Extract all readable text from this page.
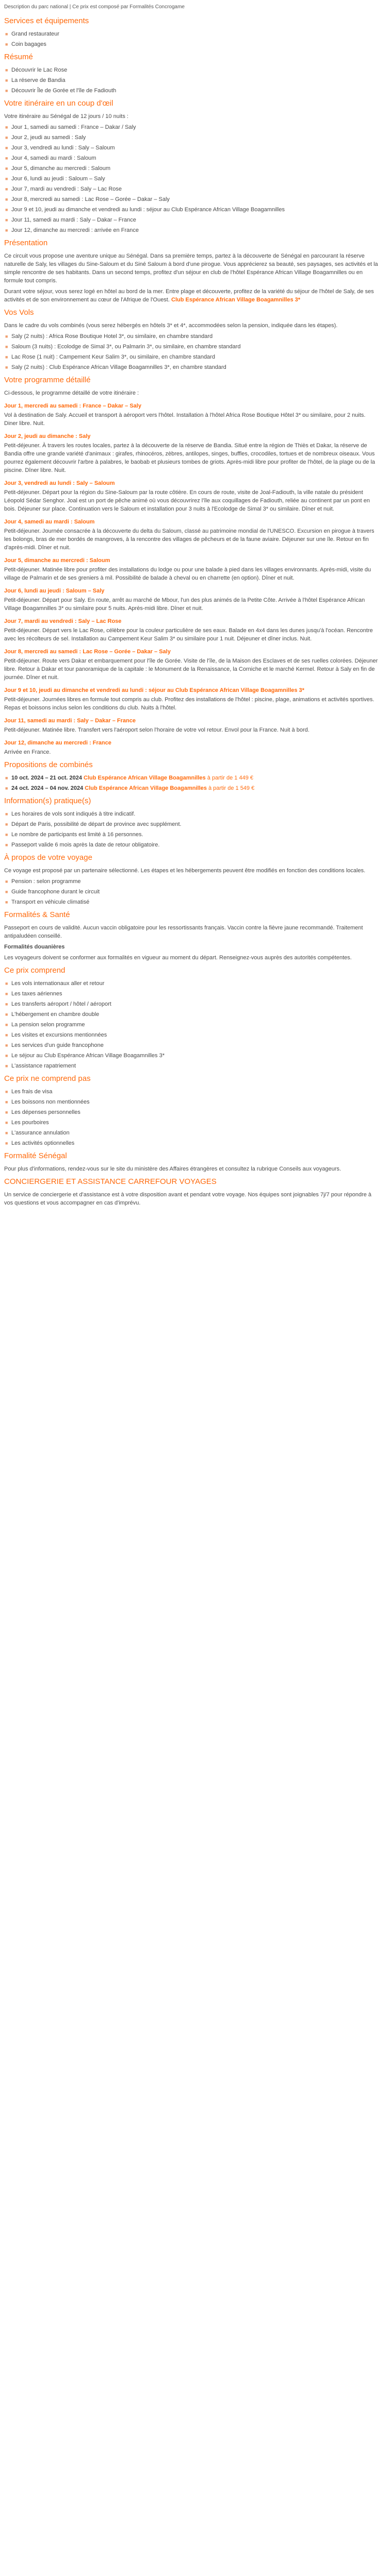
Description du parc national | Ce prix est composé par Formalités Concrogame
Services et équipements
■ Grand restaurateur
■ Coin bagages
Résumé
■ Découvrir le Lac Rose
■ La réserve de Bandia
■ Découvrir Île de Gorée et l'île de Fadiouth
Votre itinéraire en un coup d'œil

Votre itinéraire au Sénégal de 12 jours / 10 nuits :

■ Jour 1, samedi au samedi : France – Dakar / Saly
■ Jour 2, jeudi au samedi : Saly
■ Jour 3, vendredi au lundi : Saly – Saloum
■ Jour 4, samedi au mardi : Saloum
■ Jour 5, dimanche au mercredi : Saloum
■ Jour 6, lundi au jeudi : Saloum – Saly
■ Jour 7, mardi au vendredi : Saly – Lac Rose
■ Jour 8, mercredi au samedi : Lac Rose – Gorée – Dakar – Saly
■ Jour 9 et 10, jeudi au dimanche et vendredi au lundi : séjour au Club Espérance African Village Boagamnilles
■ Jour 11, samedi au mardi : Saly – Dakar – France
■ Jour 12, dimanche au mercredi : arrivée en France
Présentation

Ce circuit vous propose une aventure unique au Sénégal. Dans sa première temps, partez à la découverte de Sénégal en parcourant la réserve naturelle de Saly, les villages du Sine-Saloum et du Siné Saloum à bord d'une pirogue. Vous apprécierez sa beauté, ses paysages, ses activités et la simple rencontre de ses habitants. Dans un second temps, profitez d'un séjour en club de l'hôtel Espérance African Village Boagamnilles ou en formule tout compris.

Durant votre séjour, vous serez logé en hôtel au bord de la mer. Entre plage et découverte, profitez de la variété du séjour de l'hôtel de Saly, de ses activités et de son environnement au cœur de l'Afrique de l'Ouest. Club Espérance African Village Boagamnilles 3*

Vos Vols

Dans le cadre du vols combinés (vous serez hébergés en hôtels 3* et 4*, accommodées selon la pension, indiquée dans les étapes).

■ Saly (2 nuits) : Africa Rose Boutique Hotel 3*, ou similaire, en chambre standard
■ Saloum (3 nuits) : Ecolodge de Simal 3*, ou Palmarin 3*, ou similaire, en chambre standard
■ Lac Rose (1 nuit) : Campement Keur Salim 3*, ou similaire, en chambre standard
■ Saly (2 nuits) : Club Espérance African Village Boagamnilles 3*, en chambre standard
Votre programme détaillé

Ci-dessous, le programme détaillé de votre itinéraire :

Jour 1, mercredi au samedi : France – Dakar – Saly

Vol à destination de Saly. Accueil et transport à aéroport vers l'hôtel. Installation à l'hôtel Africa Rose Boutique Hôtel 3* ou similaire, pour 2 nuits. Diner libre. Nuit.

Jour 2, jeudi au dimanche : Saly

Petit-déjeuner. À travers les routes locales, partez à la découverte de la réserve de Bandia. Situé entre la région de Thiès et Dakar, la réserve de Bandia offre une grande variété d'animaux : girafes, rhinocéros, zèbres, antilopes, singes, buffles, crocodiles, tortues et de nombreux oiseaux. Vous pourrez également découvrir l'arbre à palabres, le baobab et plusieurs tombes de griots. Après-midi libre pour profiter de l'hôtel, de la plage ou de la piscine. Dîner libre. Nuit.

Jour 3, vendredi au lundi : Saly – Saloum

Petit-déjeuner. Départ pour la région du Sine-Saloum par la route côtière. En cours de route, visite de Joal-Fadiouth, la ville natale du président Léopold Sédar Senghor. Joal est un port de pêche animé où vous découvrirez l'île aux coquillages de Fadiouth, reliée au continent par un pont en bois. Déjeuner sur place. Continuation vers le Saloum et installation pour 3 nuits à l'Ecolodge de Simal 3* ou similaire. Dîner et nuit.

Jour 4, samedi au mardi : Saloum

Petit-déjeuner. Journée consacrée à la découverte du delta du Saloum, classé au patrimoine mondial de l'UNESCO. Excursion en pirogue à travers les bolongs, bras de mer bordés de mangroves, à la rencontre des villages de pêcheurs et de la faune aviaire. Déjeuner sur une île. Retour en fin d'après-midi. Dîner et nuit.

Jour 5, dimanche au mercredi : Saloum

Petit-déjeuner. Matinée libre pour profiter des installations du lodge ou pour une balade à pied dans les villages environnants. Après-midi, visite du village de Palmarin et de ses greniers à mil. Possibilité de balade à cheval ou en charrette (en option). Dîner et nuit.

Jour 6, lundi au jeudi : Saloum – Saly

Petit-déjeuner. Départ pour Saly. En route, arrêt au marché de Mbour, l'un des plus animés de la Petite Côte. Arrivée à l'hôtel Espérance African Village Boagamnilles 3* ou similaire pour 5 nuits. Après-midi libre. Dîner et nuit.

Jour 7, mardi au vendredi : Saly – Lac Rose

Petit-déjeuner. Départ vers le Lac Rose, célèbre pour la couleur particulière de ses eaux. Balade en 4x4 dans les dunes jusqu'à l'océan. Rencontre avec les récolteurs de sel. Installation au Campement Keur Salim 3* ou similaire pour 1 nuit. Déjeuner et dîner inclus. Nuit.

Jour 8, mercredi au samedi : Lac Rose – Gorée – Dakar – Saly

Petit-déjeuner. Route vers Dakar et embarquement pour l'île de Gorée. Visite de l'île, de la Maison des Esclaves et de ses ruelles colorées. Déjeuner libre. Retour à Dakar et tour panoramique de la capitale : le Monument de la Renaissance, la Corniche et le marché Kermel. Retour à Saly en fin de journée. Dîner et nuit.

Jour 9 et 10, jeudi au dimanche et vendredi au lundi : séjour au Club Espérance African Village Boagamnilles 3*

Petit-déjeuner. Journées libres en formule tout compris au club. Profitez des installations de l'hôtel : piscine, plage, animations et activités sportives. Repas et boissons inclus selon les conditions du club. Nuits à l'hôtel.

Jour 11, samedi au mardi : Saly – Dakar – France

Petit-déjeuner. Matinée libre. Transfert vers l'aéroport selon l'horaire de votre vol retour. Envol pour la France. Nuit à bord.

Jour 12, dimanche au mercredi : France

Arrivée en France.

Propositions de combinés
■ 10 oct. 2024 – 21 oct. 2024 Club Espérance African Village Boagamnilles à partir de 1 449 €
■ 24 oct. 2024 – 04 nov. 2024 Club Espérance African Village Boagamnilles à partir de 1 549 €
Information(s) pratique(s)
■ Les horaires de vols sont indiqués à titre indicatif.
■ Départ de Paris, possibilité de départ de province avec supplément.
■ Le nombre de participants est limité à 16 personnes.
■ Passeport valide 6 mois après la date de retour obligatoire.
À propos de votre voyage

Ce voyage est proposé par un partenaire sélectionné. Les étapes et les hébergements peuvent être modifiés en fonction des conditions locales.

■ Pension : selon programme
■ Guide francophone durant le circuit
■ Transport en véhicule climatisé
Formalités & Santé

Passeport en cours de validité. Aucun vaccin obligatoire pour les ressortissants français. Vaccin contre la fièvre jaune recommandé. Traitement antipaludéen conseillé.

Formalités douanières

Les voyageurs doivent se conformer aux formalités en vigueur au moment du départ. Renseignez-vous auprès des autorités compétentes.

Ce prix comprend
■ Les vols internationaux aller et retour
■ Les taxes aériennes
■ Les transferts aéroport / hôtel / aéroport
■ L'hébergement en chambre double
■ La pension selon programme
■ Les visites et excursions mentionnées
■ Les services d'un guide francophone
■ Le séjour au Club Espérance African Village Boagamnilles 3*
■ L'assistance rapatriement
Ce prix ne comprend pas
■ Les frais de visa
■ Les boissons non mentionnées
■ Les dépenses personnelles
■ Les pourboires
■ L'assurance annulation
■ Les activités optionnelles
Formalité Sénégal

Pour plus d'informations, rendez-vous sur le site du ministère des Affaires étrangères et consultez la rubrique Conseils aux voyageurs.

CONCIERGERIE ET ASSISTANCE CARREFOUR VOYAGES

Un service de conciergerie et d'assistance est à votre disposition avant et pendant votre voyage. Nos équipes sont joignables 7j/7 pour répondre à vos questions et vous accompagner en cas d'imprévu.
